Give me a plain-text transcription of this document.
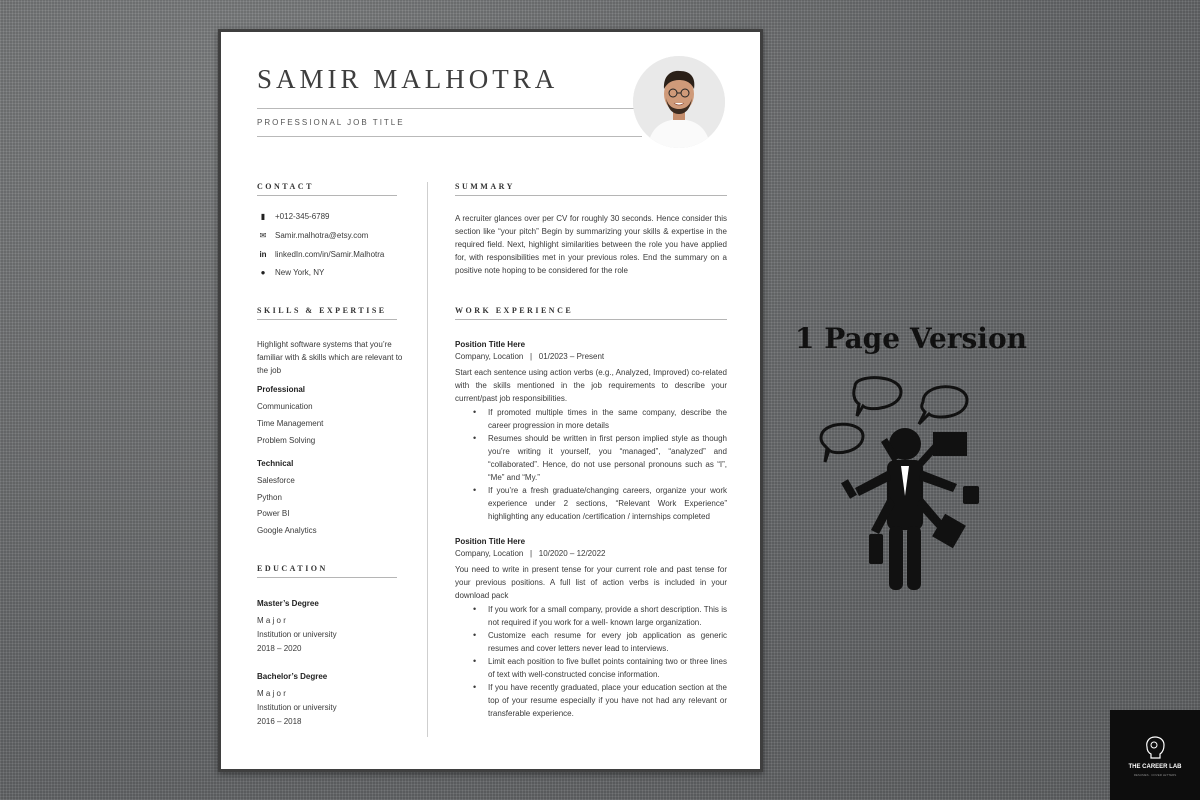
SAMIR MALHOTRA
PROFESSIONAL JOB TITLE
CONTACT
▮ +012-345-6789
✉ Samir.malhotra@etsy.com
in linkedIn.com/in/Samir.Malhotra
● New York, NY
SKILLS & EXPERTISE
Highlight software systems that you’re familiar with & skills which are relevant to the job
Professional
Communication
Time Management
Problem Solving
Technical
Salesforce
Python
Power BI
Google Analytics
EDUCATION
Master’s Degree
M a j o r
Institution or university
2018 – 2020
Bachelor’s Degree
M a j o r
Institution or university
2016 – 2018
SUMMARY
A recruiter glances over per CV for roughly 30 seconds. Hence consider this section like “your pitch” Begin by summarizing your skills & expertise in the required field. Next, highlight similarities between the role you have applied for, with responsibilities met in your previous roles. End the summary on a positive note hoping to be considered for the role
WORK EXPERIENCE
Position Title Here
Company, Location   |   01/2023 – Present
Start each sentence using action verbs (e.g., Analyzed, Improved) co-related with the skills mentioned in the job requirements to describe your current/past job responsibilities.
• If promoted multiple times in the same company, describe the career progression in more details
• Resumes should be written in first person implied style as though you’re writing it yourself, you “managed”, “analyzed” and “collaborated”. Hence, do not use personal pronouns such as “I”, “Me” and “My.”
• If you’re a fresh graduate/changing careers, organize your work experience under 2 sections, “Relevant Work Experience” highlighting any education /certification / internships completed
Position Title Here
Company, Location   |   10/2020 – 12/2022
You need to write in present tense for your current role and past tense for your previous positions. A full list of action verbs is included in your download pack
• If you work for a small company, provide a short description. This is not required if you work for a well- known large organization.
• Customize each resume for every job application as generic resumes and cover letters never lead to interviews.
• Limit each position to five bullet points containing two or three lines of text with well-constructed concise information.
• If you have recently graduated, place your education section at the top of your resume especially if you have not had any relevant or transferable experience.
1 Page Version
THE CAREER LAB
RESUMES · COVER LETTERS
